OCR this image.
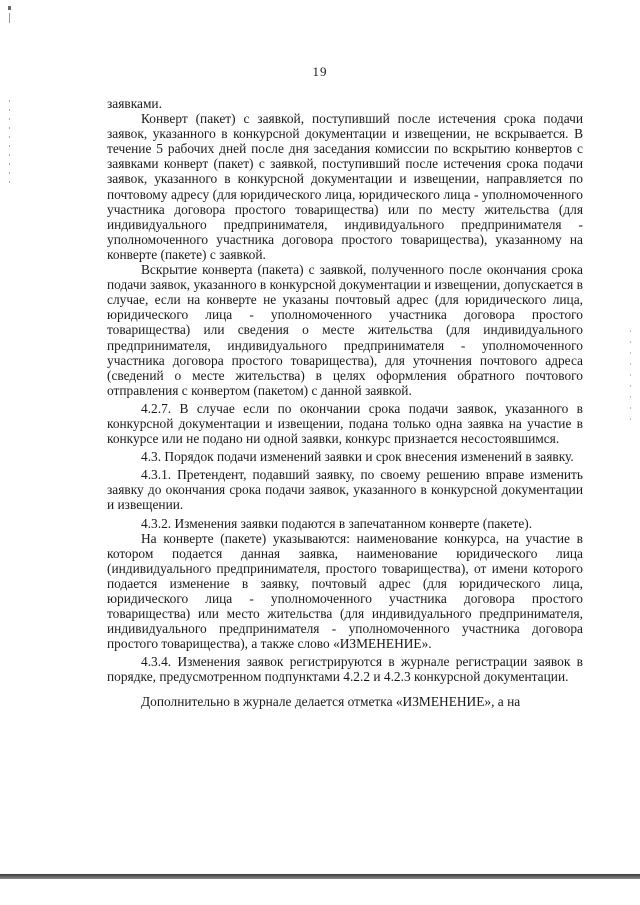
19

заявками.

Конверт (пакет) с заявкой, поступивший после истечения срока подачи заявок, указанного в конкурсной документации и извещении, не вскрывается. В течение 5 рабочих дней после дня заседания комиссии по вскрытию конвертов с заявками конверт (пакет) с заявкой, поступивший после истечения срока подачи заявок, указанного в конкурсной документации и извещении, направляется по почтовому адресу (для юридического лица, юридического лица - уполномоченного участника договора простого товарищества) или по месту жительства (для индивидуального предпринимателя, индивидуального предпринимателя - уполномоченного участника договора простого товарищества), указанному на конверте (пакете) с заявкой.

Вскрытие конверта (пакета) с заявкой, полученного после окончания срока подачи заявок, указанного в конкурсной документации и извещении, допускается в случае, если на конверте не указаны почтовый адрес (для юридического лица, юридического лица - уполномоченного участника договора простого товарищества) или сведения о месте жительства (для индивидуального предпринимателя, индивидуального предпринимателя - уполномоченного участника договора простого товарищества), для уточнения почтового адреса (сведений о месте жительства) в целях оформления обратного почтового отправления с конвертом (пакетом) с данной заявкой.

4.2.7. В случае если по окончании срока подачи заявок, указанного в конкурсной документации и извещении, подана только одна заявка на участие в конкурсе или не подано ни одной заявки, конкурс признается несостоявшимся.

4.3. Порядок подачи изменений заявки и срок внесения изменений в заявку.

4.3.1. Претендент, подавший заявку, по своему решению вправе изменить заявку до окончания срока подачи заявок, указанного в конкурсной документации и извещении.

4.3.2. Изменения заявки подаются в запечатанном конверте (пакете).

На конверте (пакете) указываются: наименование конкурса, на участие в котором подается данная заявка, наименование юридического лица (индивидуального предпринимателя, простого товарищества), от имени которого подается изменение в заявку, почтовый адрес (для юридического лица, юридического лица - уполномоченного участника договора простого товарищества) или место жительства (для индивидуального предпринимателя, индивидуального предпринимателя - уполномоченного участника договора простого товарищества), а также слово «ИЗМЕНЕНИЕ».

4.3.4. Изменения заявок регистрируются в журнале регистрации заявок в порядке, предусмотренном подпунктами 4.2.2 и 4.2.3 конкурсной документации.

Дополнительно в журнале делается отметка «ИЗМЕНЕНИЕ», а на
